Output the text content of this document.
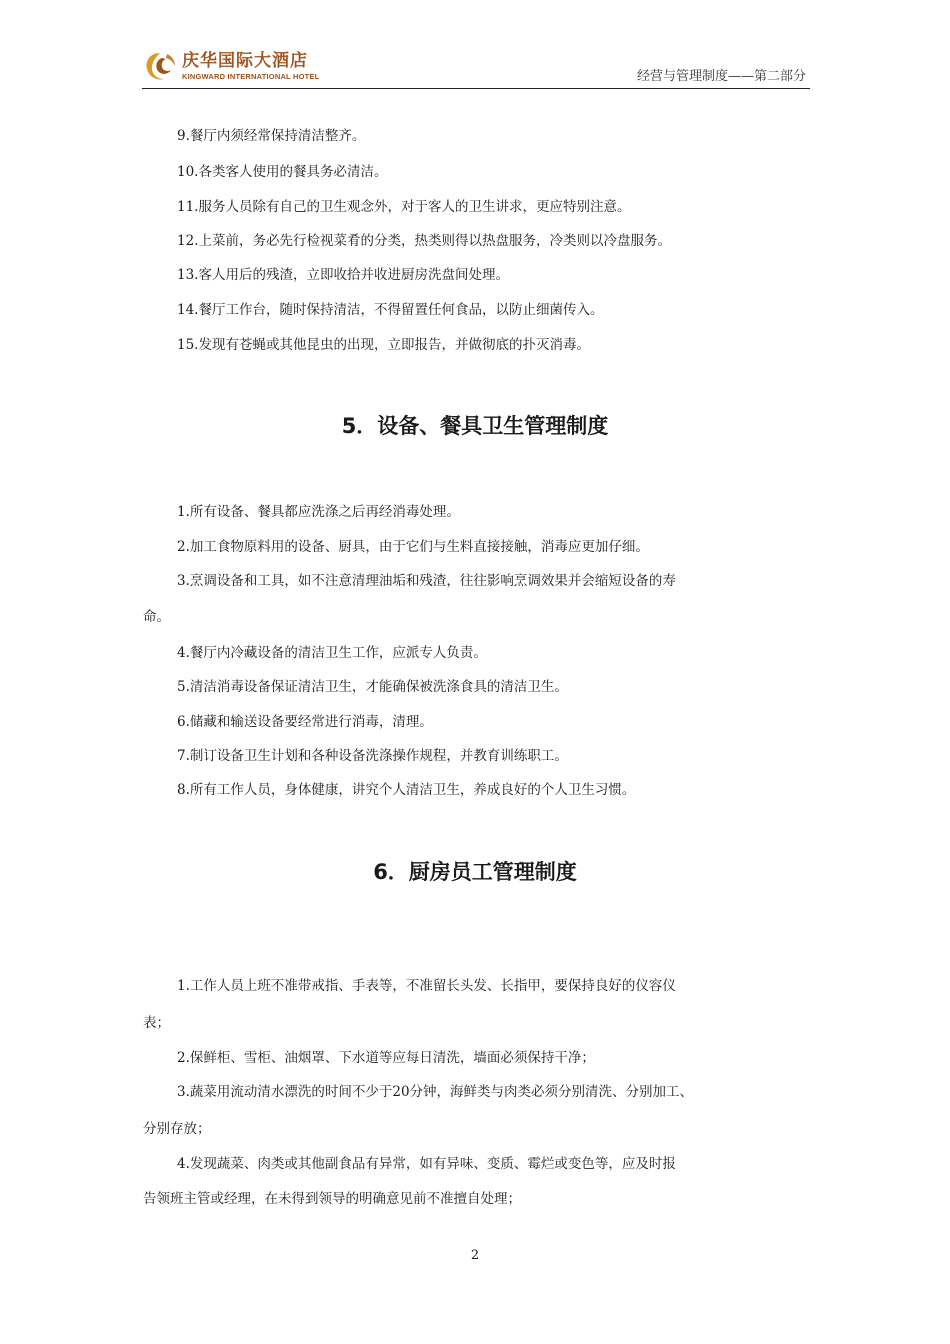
庆华国际大酒店
KINGWARD INTERNATIONAL HOTEL	经营与管理制度——第二部分
9.餐厅内须经常保持清洁整齐。
10.各类客人使用的餐具务必清洁。
11.服务人员除有自己的卫生观念外，对于客人的卫生讲求，更应特别注意。
12.上菜前，务必先行检视菜肴的分类，热类则得以热盘服务，冷类则以冷盘服务。
13.客人用后的残渣，立即收拾并收进厨房洗盘间处理。
14.餐厅工作台，随时保持清洁，不得留置任何食品，以防止细菌传入。
15.发现有苍蝇或其他昆虫的出现，立即报告，并做彻底的扑灭消毒。
5．设备、餐具卫生管理制度
1.所有设备、餐具都应洗涤之后再经消毒处理。
2.加工食物原料用的设备、厨具，由于它们与生料直接接触，消毒应更加仔细。
3.烹调设备和工具，如不注意清理油垢和残渣，往往影响烹调效果并会缩短设备的寿
命。
4.餐厅内冷藏设备的清洁卫生工作，应派专人负责。
5.清洁消毒设备保证清洁卫生，才能确保被洗涤食具的清洁卫生。
6.储藏和输送设备要经常进行消毒，清理。
7.制订设备卫生计划和各种设备洗涤操作规程，并教育训练职工。
8.所有工作人员，身体健康，讲究个人清洁卫生，养成良好的个人卫生习惯。
6．厨房员工管理制度
1.工作人员上班不准带戒指、手表等，不准留长头发、长指甲，要保持良好的仪容仪
表；
2.保鲜柜、雪柜、油烟罩、下水道等应每日清洗，墙面必须保持干净；
3.蔬菜用流动清水漂洗的时间不少于20分钟，海鲜类与肉类必须分别清洗、分别加工、
分别存放；
4.发现蔬菜、肉类或其他副食品有异常，如有异味、变质、霉烂或变色等，应及时报
告领班主管或经理，在未得到领导的明确意见前不准擅自处理；
2
